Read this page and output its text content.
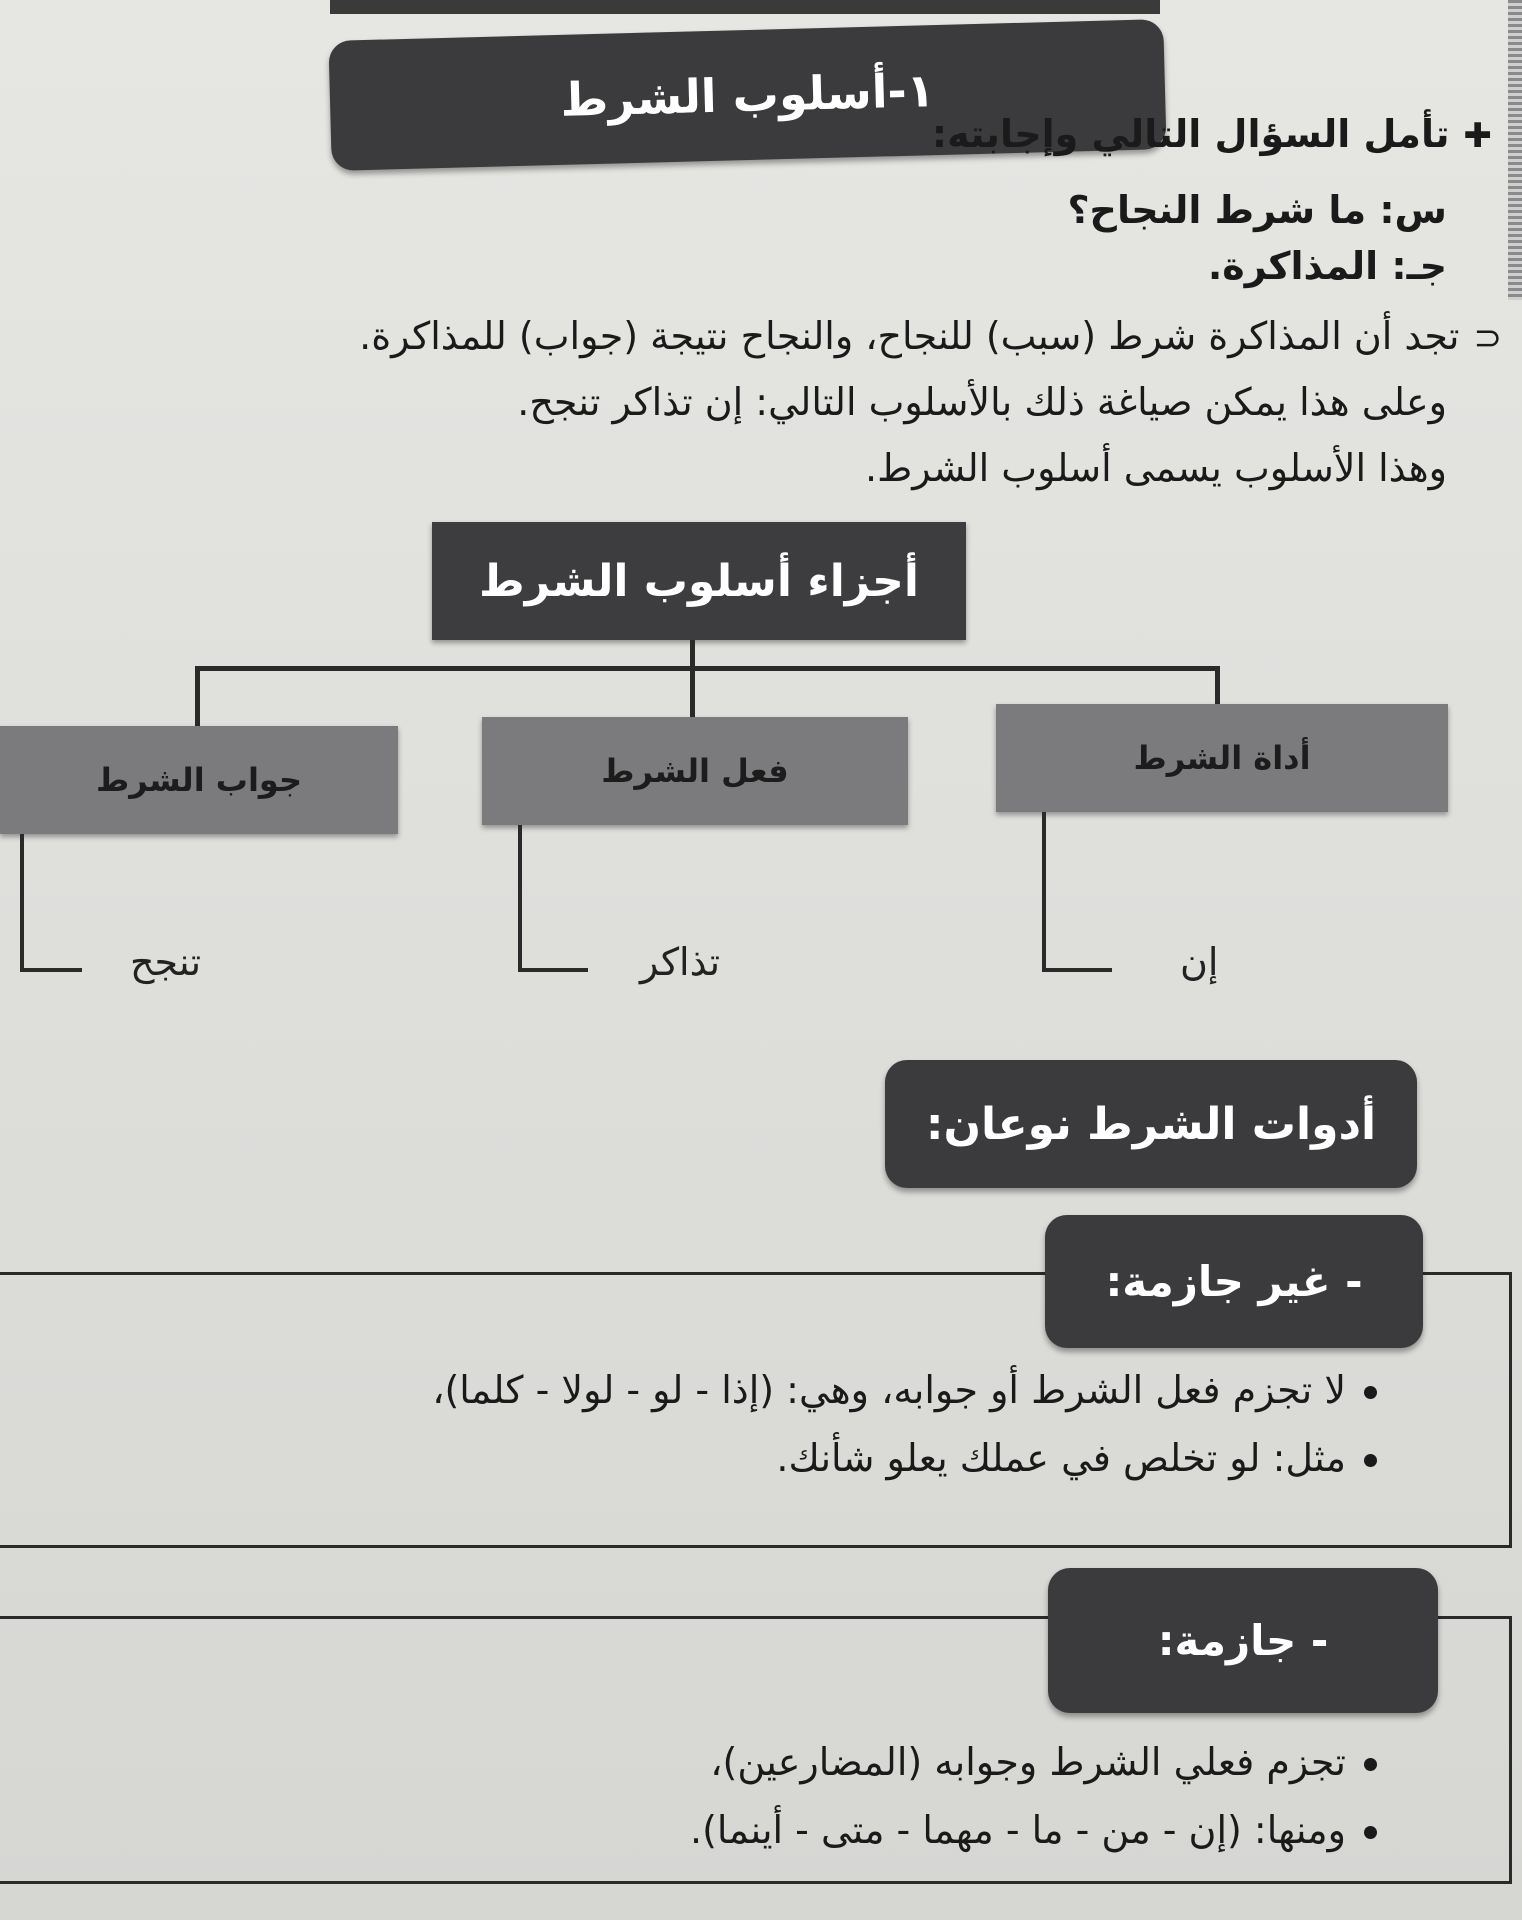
١-أسلوب الشرط
✚تأمل السؤال التالي وإجابته:
س: ما شرط النجاح؟
جـ: المذاكرة.
⊂تجد أن المذاكرة شرط (سبب) للنجاح، والنجاح نتيجة (جواب) للمذاكرة.
وعلى هذا يمكن صياغة ذلك بالأسلوب التالي: إن تذاكر تنجح.
وهذا الأسلوب يسمى أسلوب الشرط.
أجزاء أسلوب الشرط
أداة الشرط
فعل الشرط
جواب الشرط
إن
تذاكر
تنجح
أدوات الشرط نوعان:
- غير جازمة:
لا تجزم فعل الشرط أو جوابه، وهي: (إذا - لو - لولا - كلما)،
مثل: لو تخلص في عملك يعلو شأنك.
- جازمة:
تجزم فعلي الشرط وجوابه (المضارعين)،
ومنها: (إن - من - ما - مهما - متى - أينما).
